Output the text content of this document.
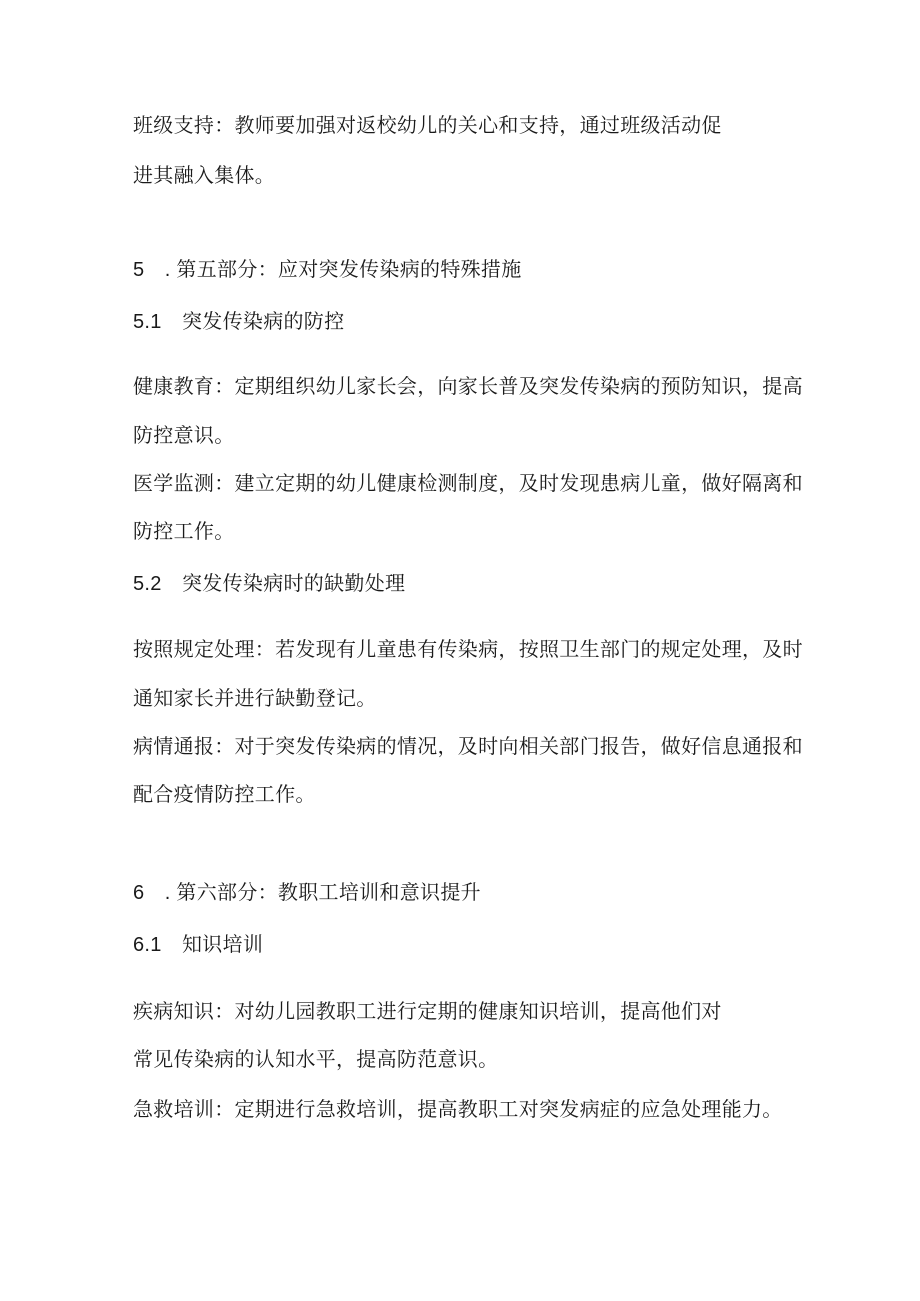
班级支持：教师要加强对返校幼儿的关心和支持，通过班级活动促

进其融入集体。

5　. 第五部分：应对突发传染病的特殊措施

5.1　突发传染病的防控

健康教育：定期组织幼儿家长会，向家长普及突发传染病的预防知识，提高

防控意识。

医学监测：建立定期的幼儿健康检测制度，及时发现患病儿童，做好隔离和

防控工作。

5.2　突发传染病时的缺勤处理

按照规定处理：若发现有儿童患有传染病，按照卫生部门的规定处理，及时

通知家长并进行缺勤登记。

病情通报：对于突发传染病的情况，及时向相关部门报告，做好信息通报和

配合疫情防控工作。

6　. 第六部分：教职工培训和意识提升

6.1　知识培训

疾病知识：对幼儿园教职工进行定期的健康知识培训，提高他们对

常见传染病的认知水平，提高防范意识。

急救培训：定期进行急救培训，提高教职工对突发病症的应急处理能力。
